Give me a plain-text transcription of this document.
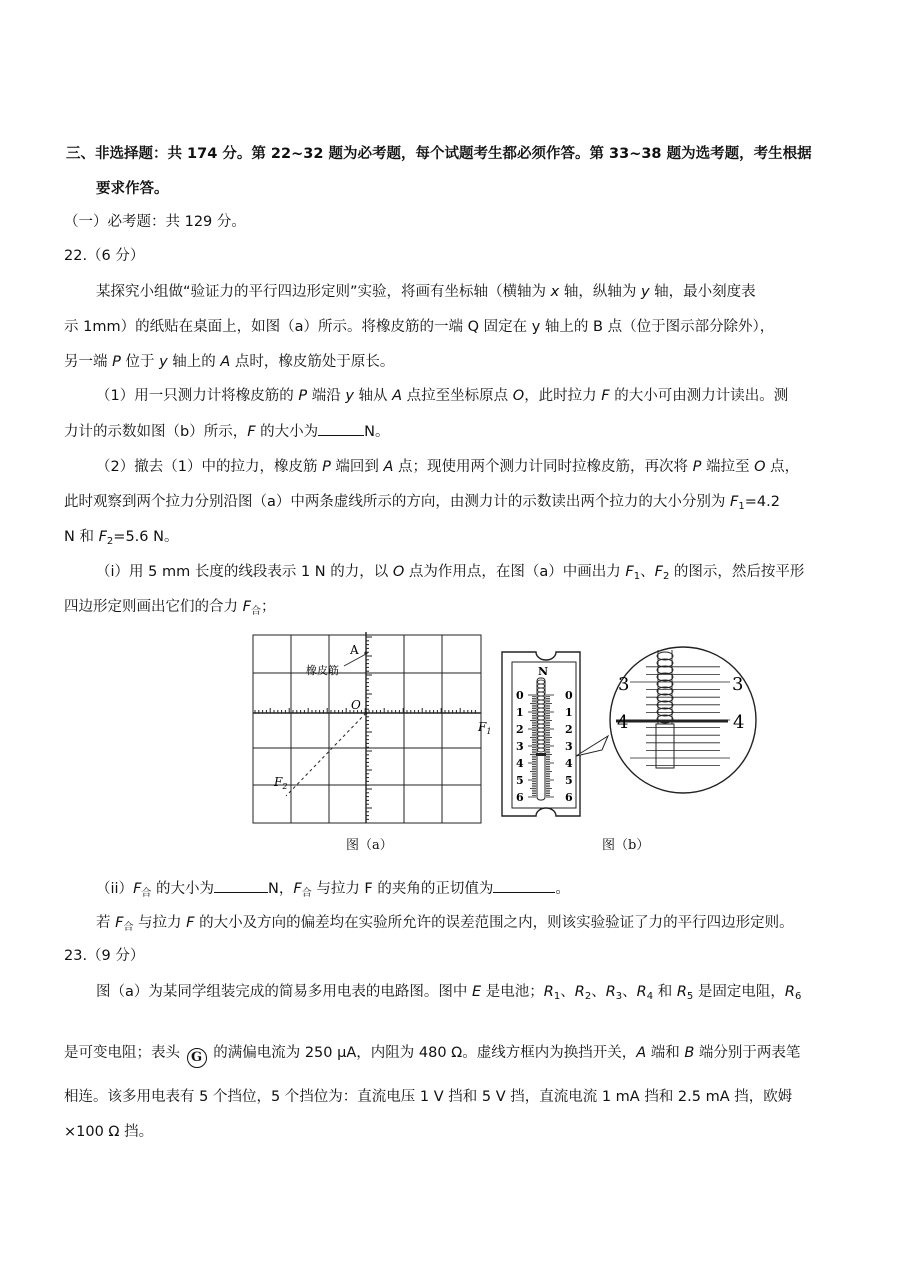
三、非选择题：共 174 分。第 22~32 题为必考题，每个试题考生都必须作答。第 33~38 题为选考题，考生根据
要求作答。
（一）必考题：共 129 分。
22.（6 分）
某探究小组做“验证力的平行四边形定则”实验，将画有坐标轴（横轴为 x 轴，纵轴为 y 轴，最小刻度表
示 1mm）的纸贴在桌面上，如图（a）所示。将橡皮筋的一端 Q 固定在 y 轴上的 B 点（位于图示部分除外），
另一端 P 位于 y 轴上的 A 点时，橡皮筋处于原长。
（1）用一只测力计将橡皮筋的 P 端沿 y 轴从 A 点拉至坐标原点 O，此时拉力 F 的大小可由测力计读出。测
力计的示数如图（b）所示，F 的大小为	N。
（2）撤去（1）中的拉力，橡皮筋 P 端回到 A 点；现使用两个测力计同时拉橡皮筋，再次将 P 端拉至 O 点，
此时观察到两个拉力分别沿图（a）中两条虚线所示的方向，由测力计的示数读出两个拉力的大小分别为 $F_1=4.2$
N 和 $F_2=5.6$ N。
（i）用 5 mm 长度的线段表示 1 N 的力，以 O 点为作用点，在图（a）中画出力 $F_1$、$F_2$ 的图示，然后按平形
四边形定则画出它们的合力 $F_合$；
A
橡皮筋
O
$F_1$
$F_2$
图（a）
N
0
1
2
3
4
5
6
0
1
2
3
4
5
6
3	3
4	4
图（b）
$(ii)F_合$ 的大小为	N，$F_合$ 与拉力 F 的夹角的正切值为	。
若 $F_合$ 与拉力 F 的大小及方向的偏差均在实验所允许的误差范围之内，则该实验验证了力的平行四边形定则。
23.（9 分）
图（a）为某同学组装完成的简易多用电表的电路图。图中 E 是电池；$R_1$、$R_2$、$R_3$、$R_4$ 和 $R_5$ 是固定电阻，$R_6$
是可变电阻；表头 G 的满偏电流为 250 μA，内阻为 480 Ω。虚线方框内为换挡开关，A 端和 B 端分别于两表笔
相连。该多用电表有 5 个挡位，5 个挡位为：直流电压 1 V 挡和 5 V 挡，直流电流 1 mA 挡和 2.5 mA 挡，欧姆
×100 Ω 挡。
